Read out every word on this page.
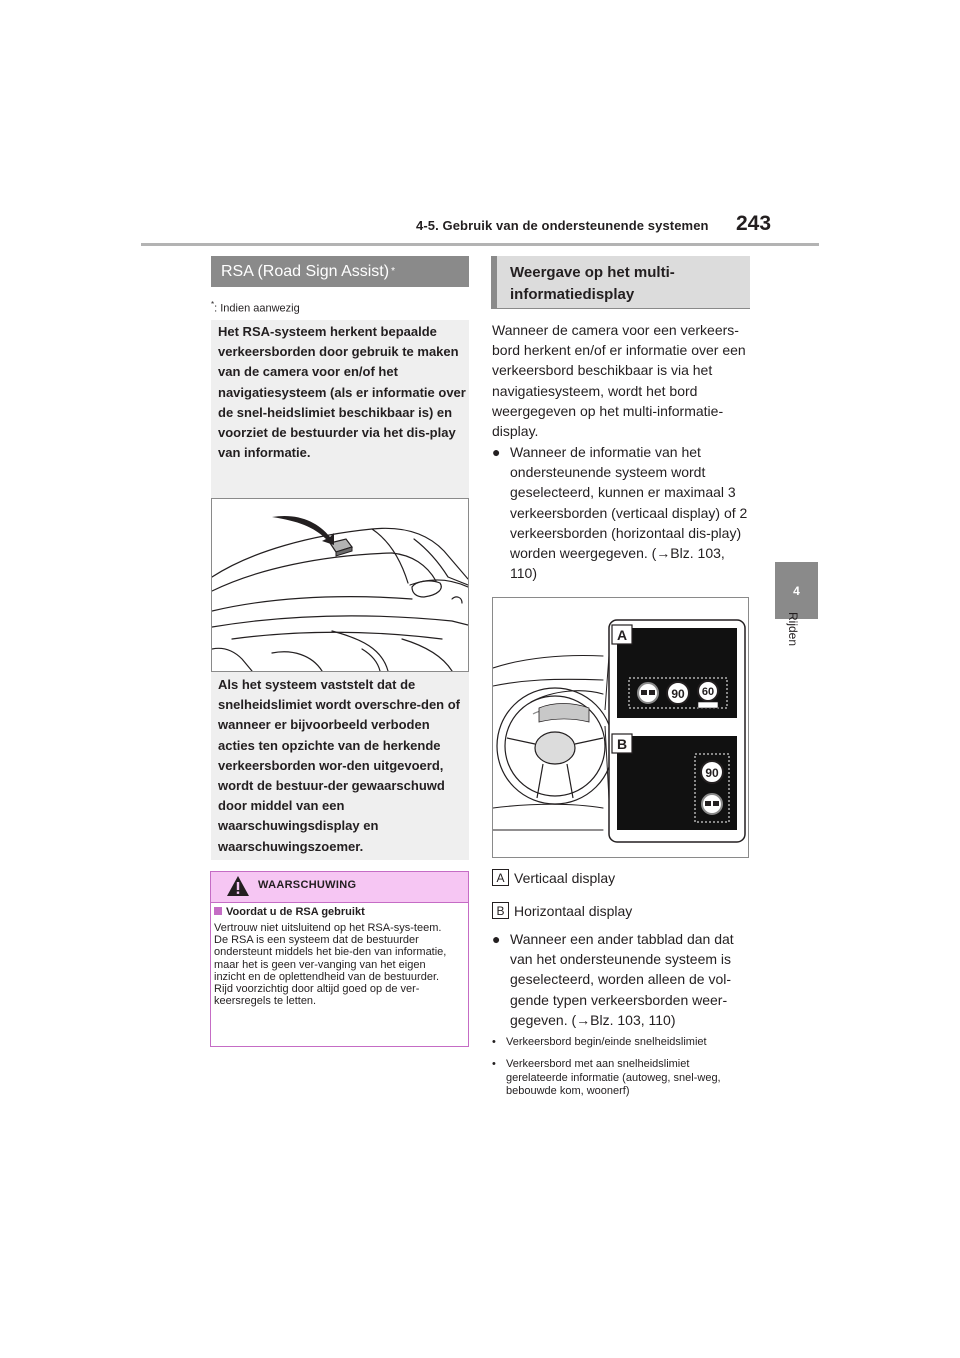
4-5. Gebruik van de ondersteunende systemen 243
4
Rijden
RSA (Road Sign Assist) *
*: Indien aanwezig
Het RSA-systeem herkent bepaalde verkeersborden door gebruik te maken van de camera voor en/of het navigatiesysteem (als er informatie over de snel-heidslimiet beschikbaar is) en voorziet de bestuurder via het dis-play van informatie.
Als het systeem vaststelt dat de snelheidslimiet wordt overschre-den of wanneer er bijvoorbeeld verboden acties ten opzichte van de herkende verkeersborden wor-den uitgevoerd, wordt de bestuur-der gewaarschuwd door middel van een waarschuwingsdisplay en waarschuwingszoemer.
WAARSCHUWING
Voordat u de RSA gebruikt
Vertrouw niet uitsluitend op het RSA-sys-teem. De RSA is een systeem dat de bestuurder ondersteunt middels het bie-den van informatie, maar het is geen ver-vanging van het eigen inzicht en de oplettendheid van de bestuurder. Rijd voorzichtig door altijd goed op de ver-keersregels te letten.
Weergave op het multi-informatiedisplay
Wanneer de camera voor een verkeers-bord herkent en/of er informatie over een verkeersbord beschikbaar is via het navigatiesysteem, wordt het bord weergegeven op het multi-informatie-display.
● Wanneer de informatie van het ondersteunende systeem wordt geselecteerd, kunnen er maximaal 3 verkeersborden (verticaal display) of 2 verkeersborden (horizontaal dis-play) worden weergegeven. (→Blz. 103, 110)
A
90 60
B
90
A Verticaal display
B Horizontaal display
● Wanneer een ander tabblad dan dat van het ondersteunende systeem is geselecteerd, worden alleen de vol-gende typen verkeersborden weer-gegeven. (→Blz. 103, 110)
• Verkeersbord begin/einde snelheidslimiet
• Verkeersbord met aan snelheidslimiet gerelateerde informatie (autoweg, snel-weg, bebouwde kom, woonerf)
